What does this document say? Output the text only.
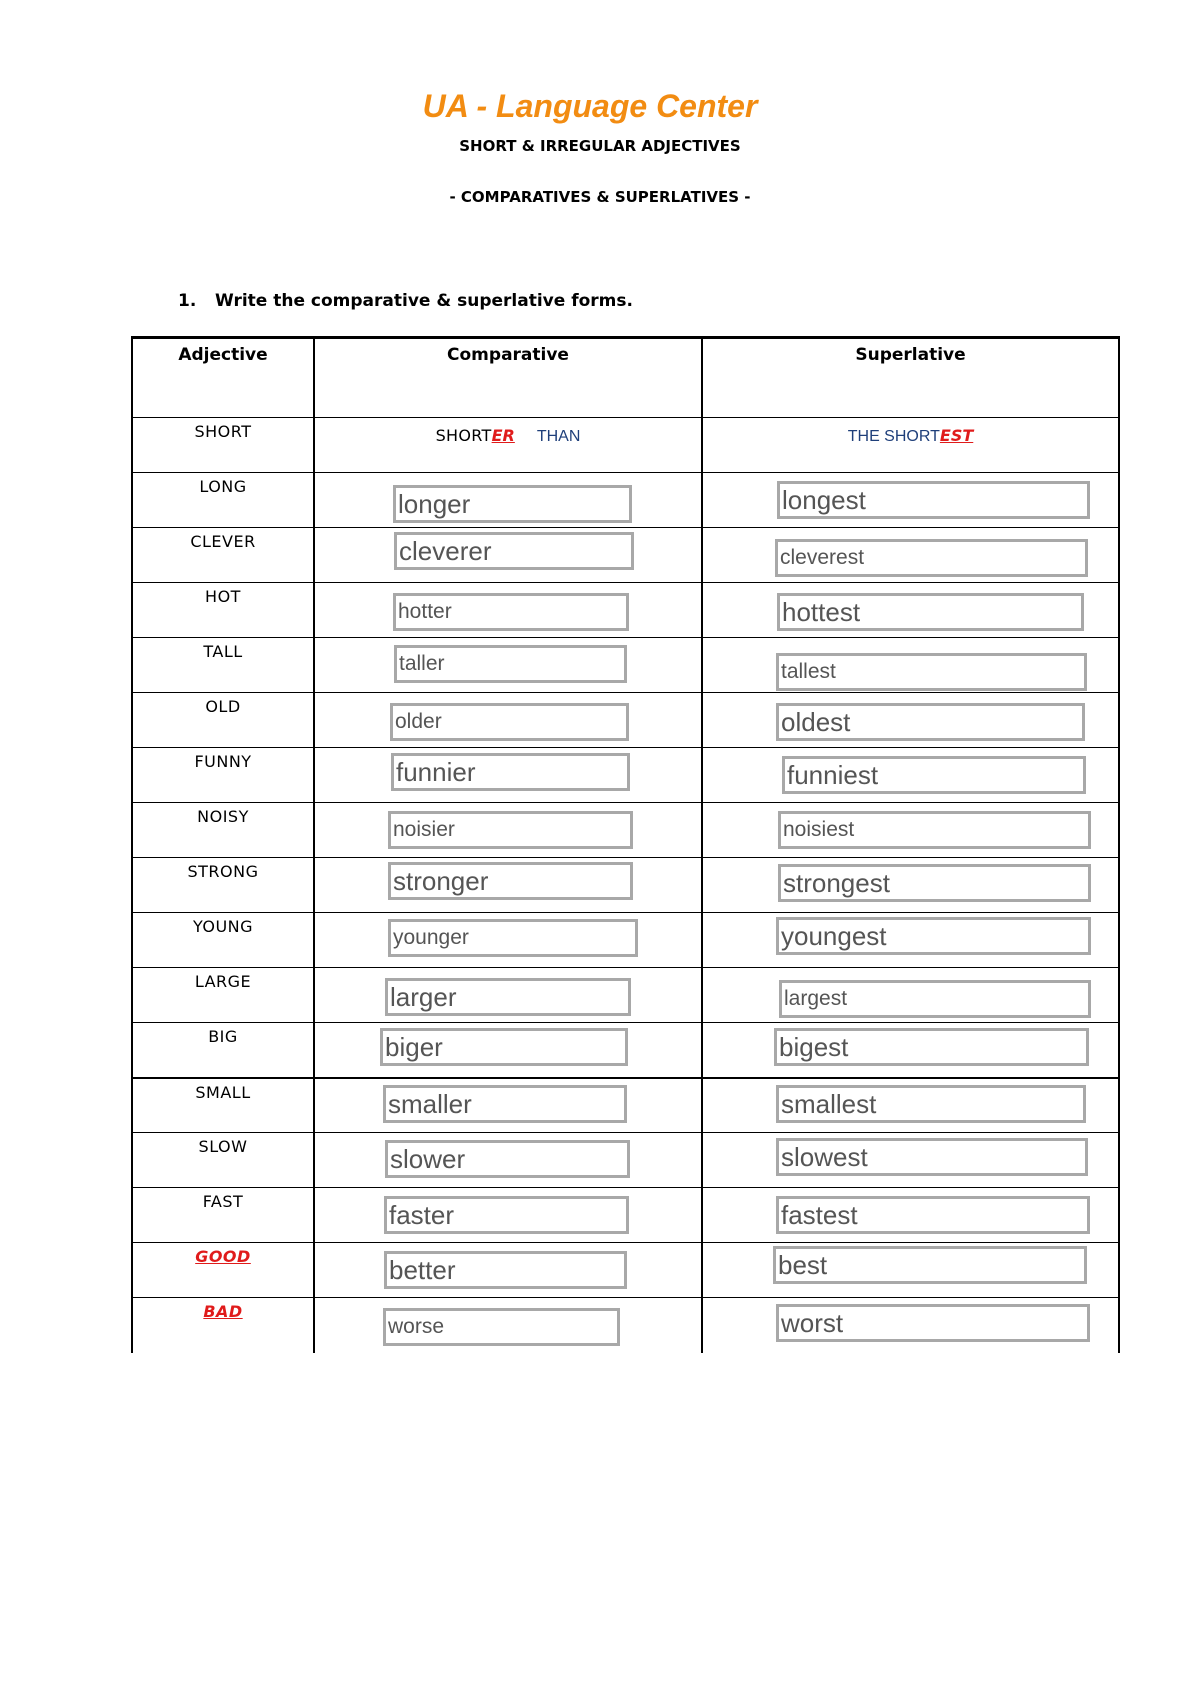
UA - Language Center
SHORT & IRREGULAR ADJECTIVES
- COMPARATIVES & SUPERLATIVES -

1. Write the comparative & superlative forms.

Adjective	Comparative	Superlative
SHORT	SHORTER THAN	THE SHORTEST
LONG	longer	longest

CLEVER	cleverer	cleverest

HOT	hotter	hottest

TALL	taller	tallest

OLD	older	oldest

FUNNY	funnier	funniest

NOISY	noisier	noisiest

STRONG	stronger	strongest

YOUNG	younger	youngest

LARGE	larger	largest

BIG	biger	bigest

SMALL	smaller	smallest

SLOW	slower	slowest

FAST	faster	fastest

GOOD	better	best

BAD	worse	worst
